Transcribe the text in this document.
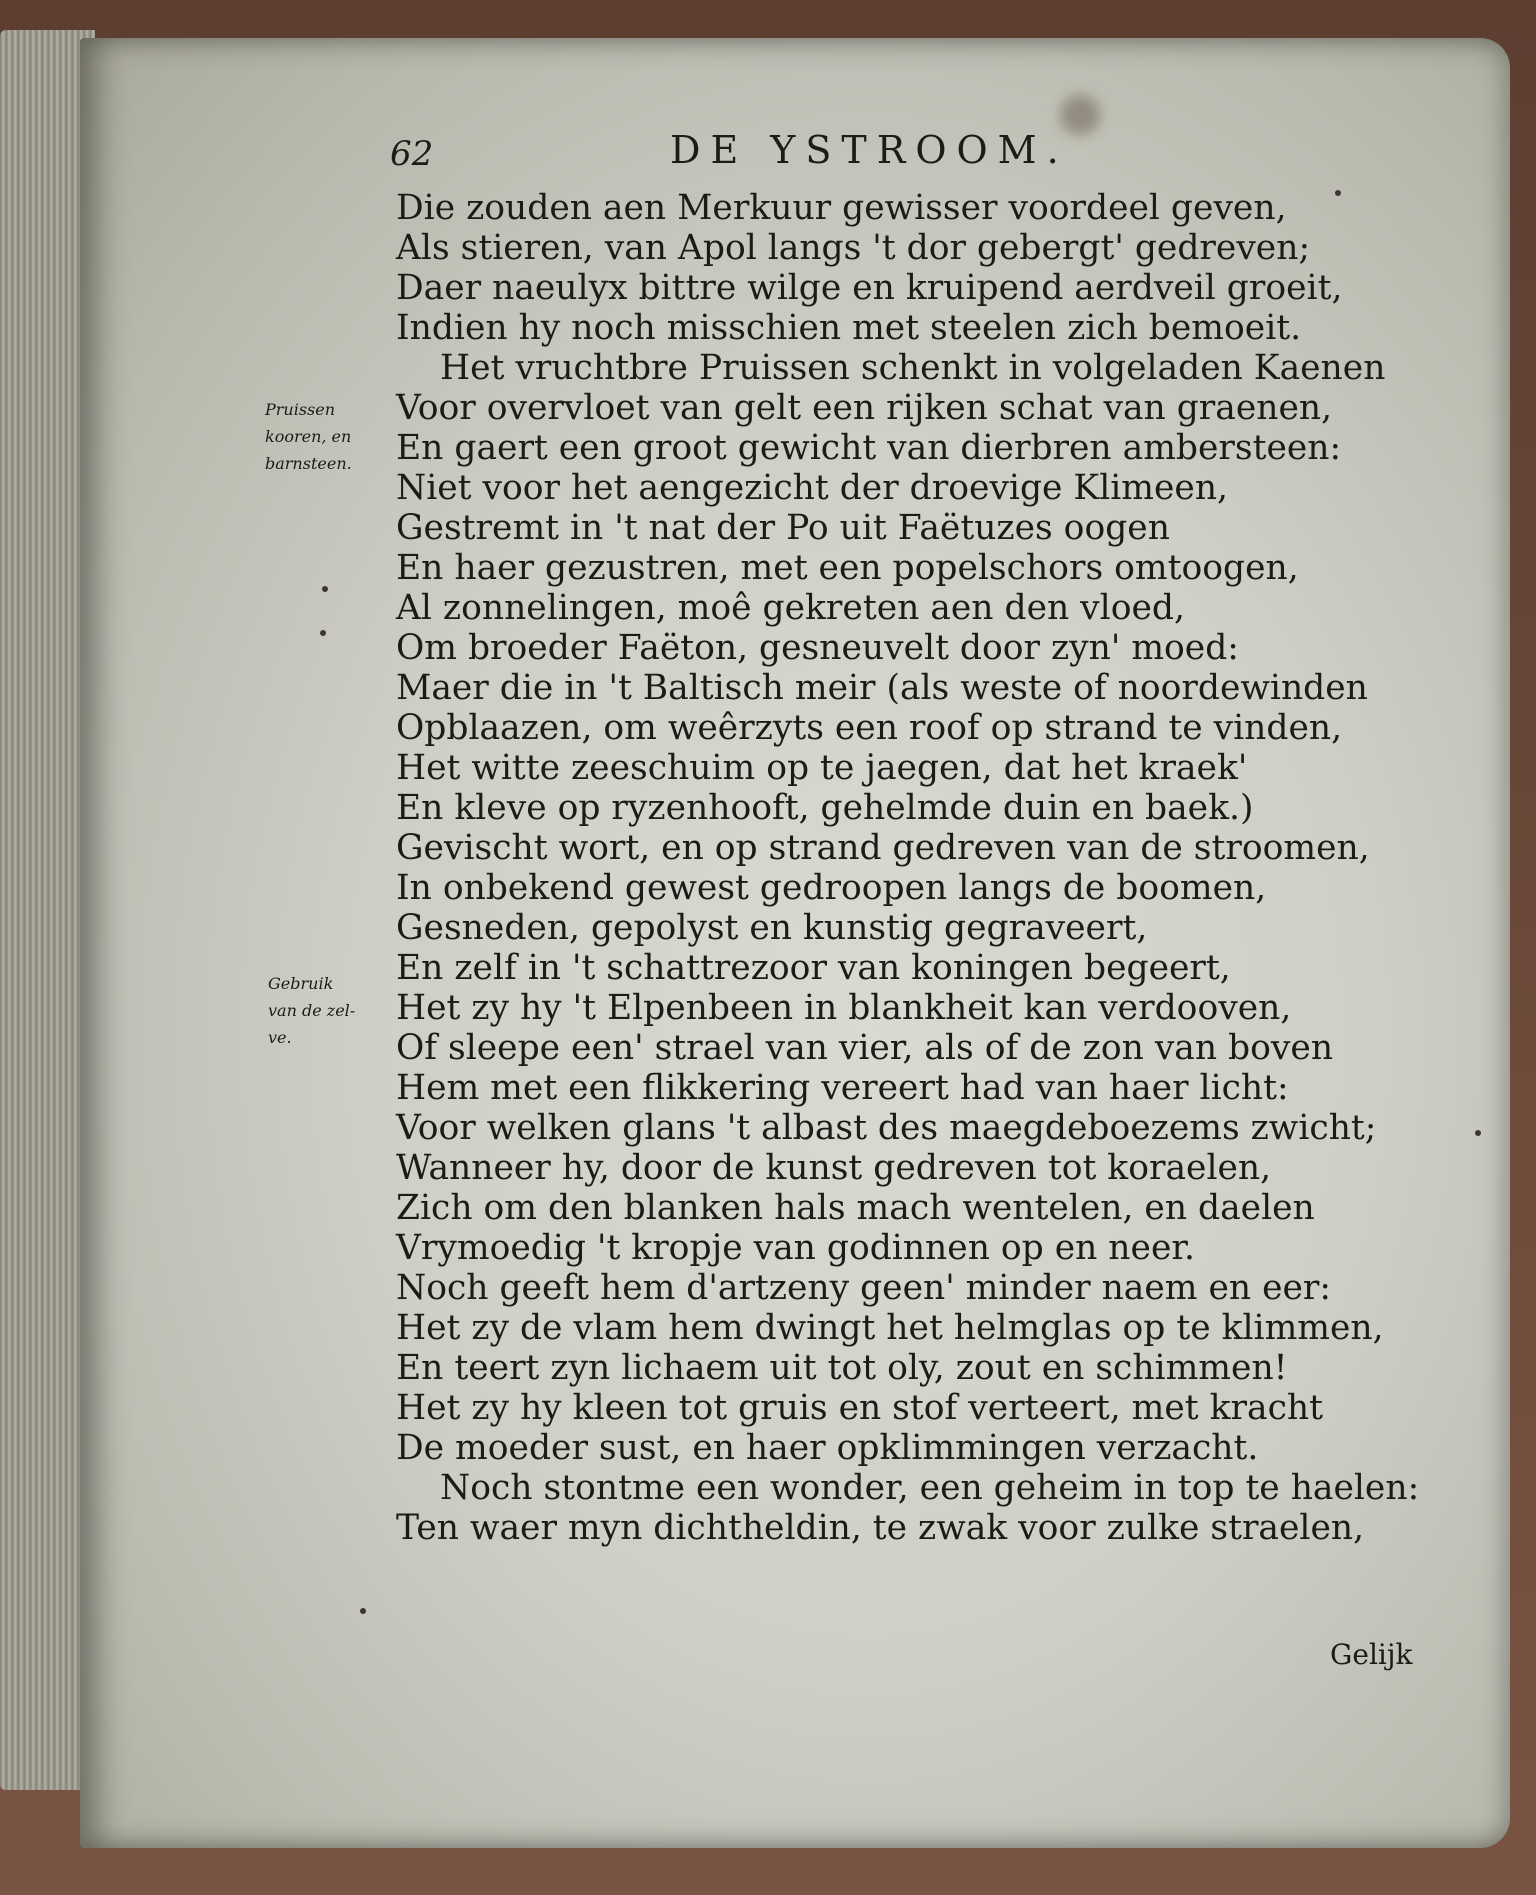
62	DE YSTROOM.
Pruissen
kooren, en
barnsteen.
Gebruik
van de zel-
ve.
Die zouden aen Merkuur gewisser voordeel geven,
Als stieren, van Apol langs 't dor gebergt' gedreven;
Daer naeulyx bittre wilge en kruipend aerdveil groeit,
Indien hy noch misschien met steelen zich bemoeit.
Het vruchtbre Pruissen schenkt in volgeladen Kaenen
Voor overvloet van gelt een rijken schat van graenen,
En gaert een groot gewicht van dierbren ambersteen:
Niet voor het aengezicht der droevige Klimeen,
Gestremt in 't nat der Po uit Faëtuzes oogen
En haer gezustren, met een popelschors omtoogen,
Al zonnelingen, moê gekreten aen den vloed,
Om broeder Faëton, gesneuvelt door zyn' moed:
Maer die in 't Baltisch meir (als weste of noordewinden
Opblaazen, om weêrzyts een roof op strand te vinden,
Het witte zeeschuim op te jaegen, dat het kraek'
En kleve op ryzenhooft, gehelmde duin en baek.)
Gevischt wort, en op strand gedreven van de stroomen,
In onbekend gewest gedroopen langs de boomen,
Gesneden, gepolyst en kunstig gegraveert,
En zelf in 't schattrezoor van koningen begeert,
Het zy hy 't Elpenbeen in blankheit kan verdooven,
Of sleepe een' strael van vier, als of de zon van boven
Hem met een flikkering vereert had van haer licht:
Voor welken glans 't albast des maegdeboezems zwicht;
Wanneer hy, door de kunst gedreven tot koraelen,
Zich om den blanken hals mach wentelen, en daelen
Vrymoedig 't kropje van godinnen op en neer.
Noch geeft hem d'artzeny geen' minder naem en eer:
Het zy de vlam hem dwingt het helmglas op te klimmen,
En teert zyn lichaem uit tot oly, zout en schimmen!
Het zy hy kleen tot gruis en stof verteert, met kracht
De moeder sust, en haer opklimmingen verzacht.
Noch stontme een wonder, een geheim in top te haelen:
Ten waer myn dichtheldin, te zwak voor zulke straelen,
Gelijk
